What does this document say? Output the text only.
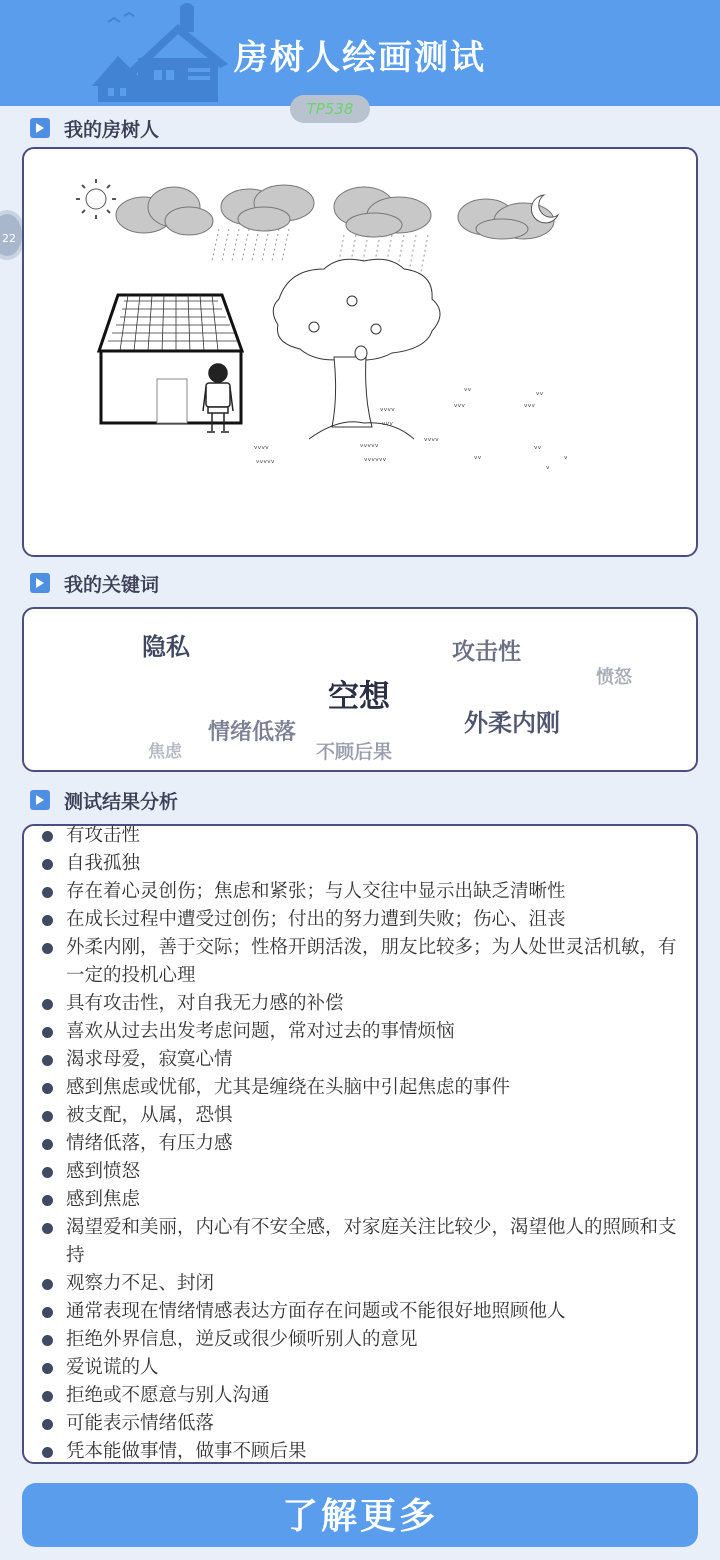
房树人绘画测试
TP538
22
我的房树人
ᵥᵥᵥᵥ
ᵥᵥᵥᵥᵥ
ᵥᵥᵥᵥᵥ
ᵥᵥᵥᵥᵥᵥ
ᵥᵥᵥᵥ
ᵥᵥᵥ
ᵥᵥᵥᵥ
ᵥᵥᵥ
ᵥᵥ
ᵥᵥᵥ
ᵥᵥ
ᵥ
ᵥ
ᵥᵥ	ᵥᵥ
我的关键词
隐私	攻击性
愤怒
空想
外柔内刚
情绪低落
焦虑	不顾后果
测试结果分析
有攻击性
自我孤独
存在着心灵创伤；焦虑和紧张；与人交往中显示出缺乏清晰性
在成长过程中遭受过创伤；付出的努力遭到失败；伤心、沮丧
外柔内刚，善于交际；性格开朗活泼，朋友比较多；为人处世灵活机敏，有一定的投机心理
具有攻击性，对自我无力感的补偿
喜欢从过去出发考虑问题，常对过去的事情烦恼
渴求母爱，寂寞心情
感到焦虑或忧郁，尤其是缠绕在头脑中引起焦虑的事件
被支配，从属，恐惧
情绪低落，有压力感
感到愤怒
感到焦虑
渴望爱和美丽，内心有不安全感，对家庭关注比较少，渴望他人的照顾和支持
观察力不足、封闭
通常表现在情绪情感表达方面存在问题或不能很好地照顾他人
拒绝外界信息，逆反或很少倾听别人的意见
爱说谎的人
拒绝或不愿意与别人沟通
可能表示情绪低落
凭本能做事情，做事不顾后果
了解更多
